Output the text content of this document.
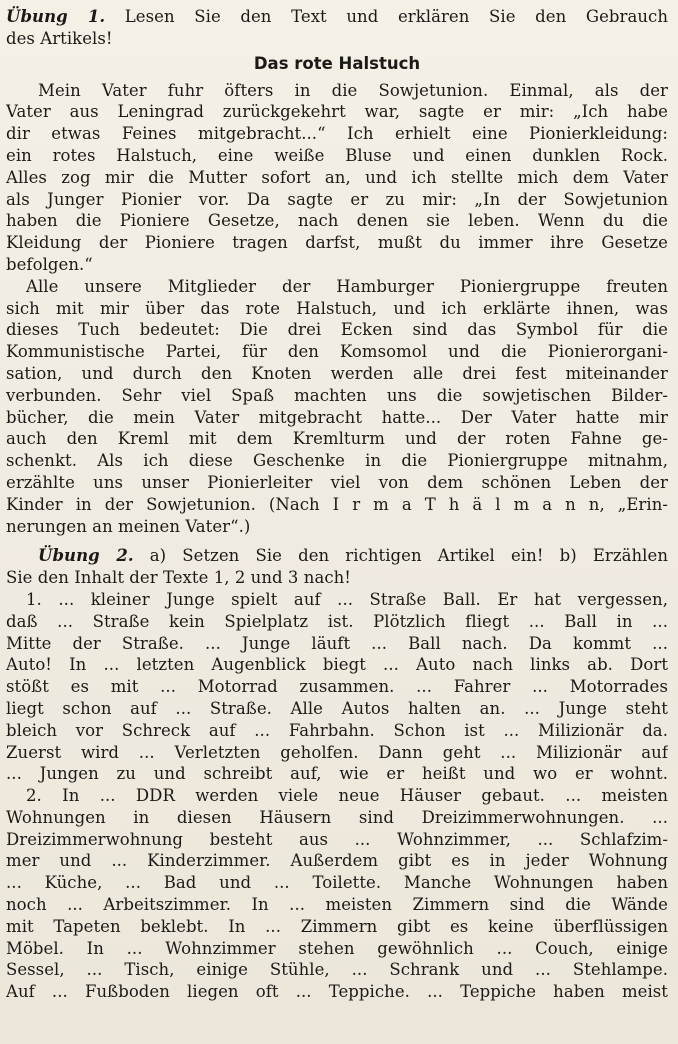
Übung 1. Lesen Sie den Text und erklären Sie den Gebrauch
des Artikels!
Das rote Halstuch
Mein Vater fuhr öfters in die Sowjetunion. Einmal, als der
Vater aus Leningrad zurückgekehrt war, sagte er mir: „Ich habe
dir etwas Feines mitgebracht...“ Ich erhielt eine Pionierkleidung:
ein rotes Halstuch, eine weiße Bluse und einen dunklen Rock.
Alles zog mir die Mutter sofort an, und ich stellte mich dem Vater
als Junger Pionier vor. Da sagte er zu mir: „In der Sowjetunion
haben die Pioniere Gesetze, nach denen sie leben. Wenn du die
Kleidung der Pioniere tragen darfst, mußt du immer ihre Gesetze
befolgen.“
Alle unsere Mitglieder der Hamburger Pioniergruppe freuten
sich mit mir über das rote Halstuch, und ich erklärte ihnen, was
dieses Tuch bedeutet: Die drei Ecken sind das Symbol für die
Kommunistische Partei, für den Komsomol und die Pionierorgani-
sation, und durch den Knoten werden alle drei fest miteinander
verbunden. Sehr viel Spaß machten uns die sowjetischen Bilder-
bücher, die mein Vater mitgebracht hatte... Der Vater hatte mir
auch den Kreml mit dem Kremlturm und der roten Fahne ge-
schenkt. Als ich diese Geschenke in die Pioniergruppe mitnahm,
erzählte uns unser Pionierleiter viel von dem schönen Leben der
Kinder in der Sowjetunion. (Nach I r m a T h ä l m a n n, „Erin-
nerungen an meinen Vater“.)
Übung 2. a) Setzen Sie den richtigen Artikel ein! b) Erzählen
Sie den Inhalt der Texte 1, 2 und 3 nach!
1. ... kleiner Junge spielt auf ... Straße Ball. Er hat vergessen,
daß ... Straße kein Spielplatz ist. Plötzlich fliegt ... Ball in ...
Mitte der Straße. ... Junge läuft ... Ball nach. Da kommt ...
Auto! In ... letzten Augenblick biegt ... Auto nach links ab. Dort
stößt es mit ... Motorrad zusammen. ... Fahrer ... Motorrades
liegt schon auf ... Straße. Alle Autos halten an. ... Junge steht
bleich vor Schreck auf ... Fahrbahn. Schon ist ... Milizionär da.
Zuerst wird ... Verletzten geholfen. Dann geht ... Milizionär auf
... Jungen zu und schreibt auf, wie er heißt und wo er wohnt.
2. In ... DDR werden viele neue Häuser gebaut. ... meisten
Wohnungen in diesen Häusern sind Dreizimmerwohnungen. ...
Dreizimmerwohnung besteht aus ... Wohnzimmer, ... Schlafzim-
mer und ... Kinderzimmer. Außerdem gibt es in jeder Wohnung
... Küche, ... Bad und ... Toilette. Manche Wohnungen haben
noch ... Arbeitszimmer. In ... meisten Zimmern sind die Wände
mit Tapeten beklebt. In ... Zimmern gibt es keine überflüssigen
Möbel. In ... Wohnzimmer stehen gewöhnlich ... Couch, einige
Sessel, ... Tisch, einige Stühle, ... Schrank und ... Stehlampe.
Auf ... Fußboden liegen oft ... Teppiche. ... Teppiche haben meist
